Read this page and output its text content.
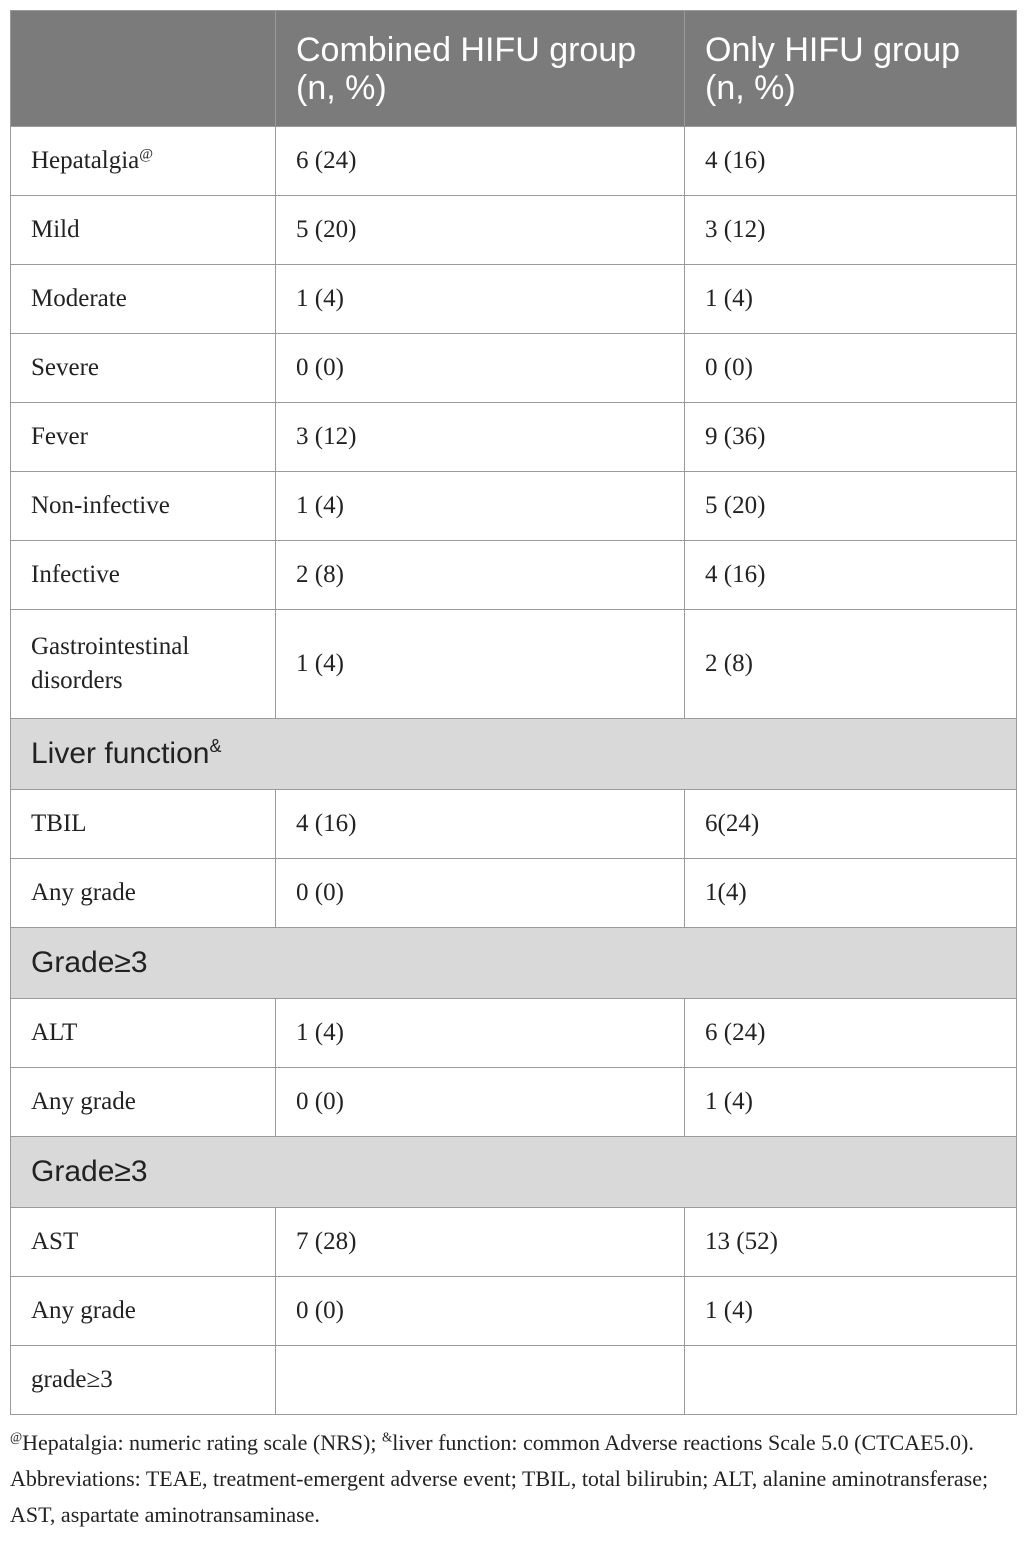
	Combined HIFU group (n, %)	Only HIFU group (n, %)
Hepatalgia@	6 (24)	4 (16)
Mild	5 (20)	3 (12)
Moderate	1 (4)	1 (4)
Severe	0 (0)	0 (0)
Fever	3 (12)	9 (36)
Non-infective	1 (4)	5 (20)
Infective	2 (8)	4 (16)
Gastrointestinal disorders	1 (4)	2 (8)
Liver function&
TBIL	4 (16)	6(24)
Any grade	0 (0)	1(4)
Grade≥3		
ALT	1 (4)	6 (24)
Any grade	0 (0)	1 (4)
Grade≥3		
AST	7 (28)	13 (52)
Any grade	0 (0)	1 (4)
grade≥3		
@Hepatalgia: numeric rating scale (NRS); &liver function: common Adverse reactions Scale 5.0 (CTCAE5.0). Abbreviations: TEAE, treatment-emergent adverse event; TBIL, total bilirubin; ALT, alanine aminotransferase; AST, aspartate aminotransaminase.
